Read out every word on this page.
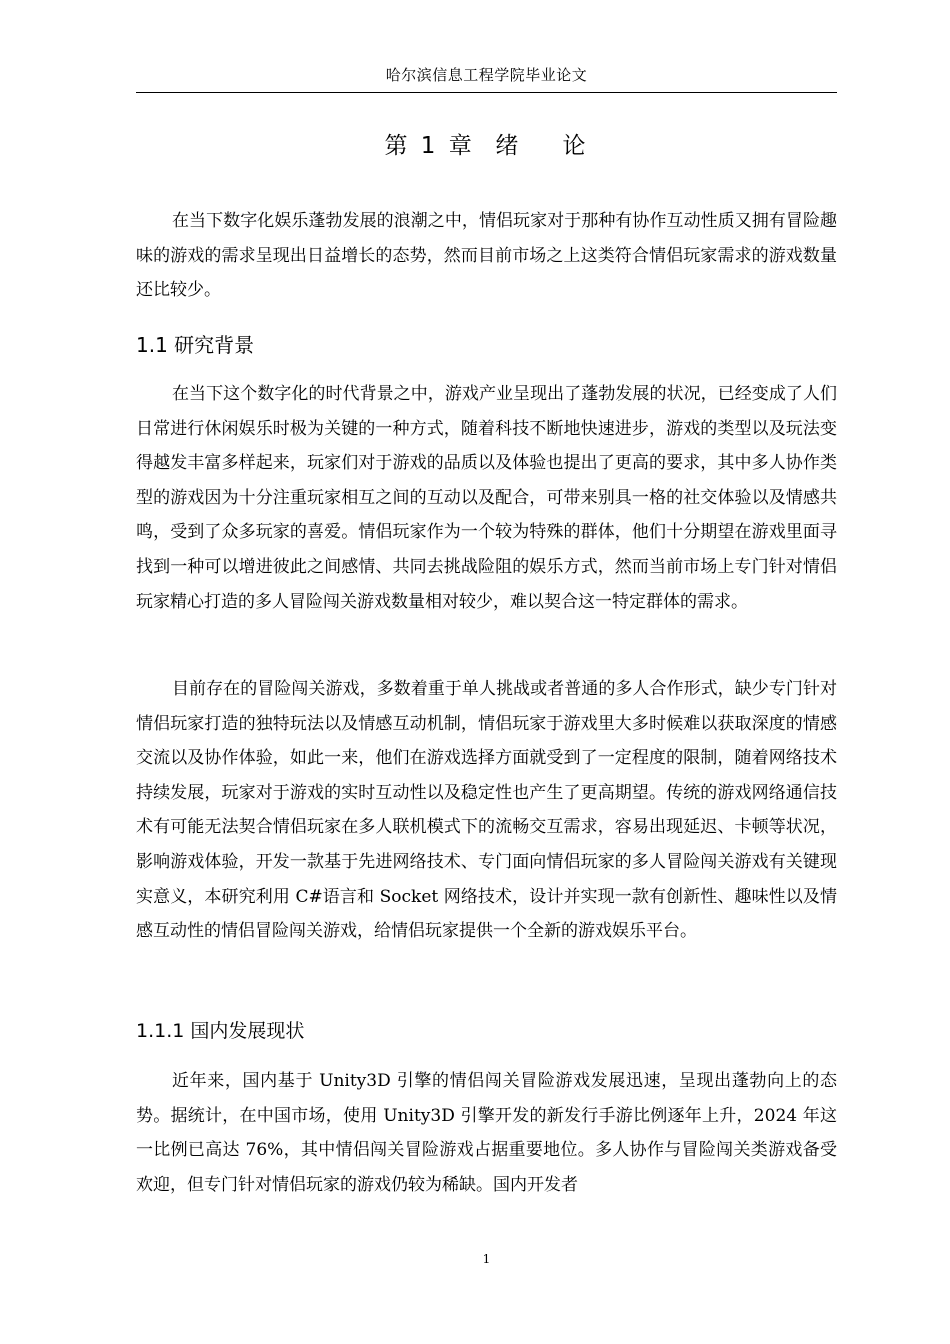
哈尔滨信息工程学院毕业论文
第 1 章  绪    论

在当下数字化娱乐蓬勃发展的浪潮之中，情侣玩家对于那种有协作互动性质又拥有冒险趣味的游戏的需求呈现出日益增长的态势，然而目前市场之上这类符合情侣玩家需求的游戏数量还比较少。

1.1 研究背景

在当下这个数字化的时代背景之中，游戏产业呈现出了蓬勃发展的状况，已经变成了人们日常进行休闲娱乐时极为关键的一种方式，随着科技不断地快速进步，游戏的类型以及玩法变得越发丰富多样起来，玩家们对于游戏的品质以及体验也提出了更高的要求，其中多人协作类型的游戏因为十分注重玩家相互之间的互动以及配合，可带来别具一格的社交体验以及情感共鸣，受到了众多玩家的喜爱。情侣玩家作为一个较为特殊的群体，他们十分期望在游戏里面寻找到一种可以增进彼此之间感情、共同去挑战险阻的娱乐方式，然而当前市场上专门针对情侣玩家精心打造的多人冒险闯关游戏数量相对较少，难以契合这一特定群体的需求。

目前存在的冒险闯关游戏，多数着重于单人挑战或者普通的多人合作形式，缺少专门针对情侣玩家打造的独特玩法以及情感互动机制，情侣玩家于游戏里大多时候难以获取深度的情感交流以及协作体验，如此一来，他们在游戏选择方面就受到了一定程度的限制，随着网络技术持续发展，玩家对于游戏的实时互动性以及稳定性也产生了更高期望。传统的游戏网络通信技术有可能无法契合情侣玩家在多人联机模式下的流畅交互需求，容易出现延迟、卡顿等状况，影响游戏体验，开发一款基于先进网络技术、专门面向情侣玩家的多人冒险闯关游戏有关键现实意义，本研究利用 C#语言和 Socket 网络技术，设计并实现一款有创新性、趣味性以及情感互动性的情侣冒险闯关游戏，给情侣玩家提供一个全新的游戏娱乐平台。

1.1.1 国内发展现状

近年来，国内基于 Unity3D 引擎的情侣闯关冒险游戏发展迅速，呈现出蓬勃向上的态势。据统计，在中国市场，使用 Unity3D 引擎开发的新发行手游比例逐年上升，2024 年这一比例已高达 76%，其中情侣闯关冒险游戏占据重要地位。多人协作与冒险闯关类游戏备受欢迎，但专门针对情侣玩家的游戏仍较为稀缺。国内开发者

1
